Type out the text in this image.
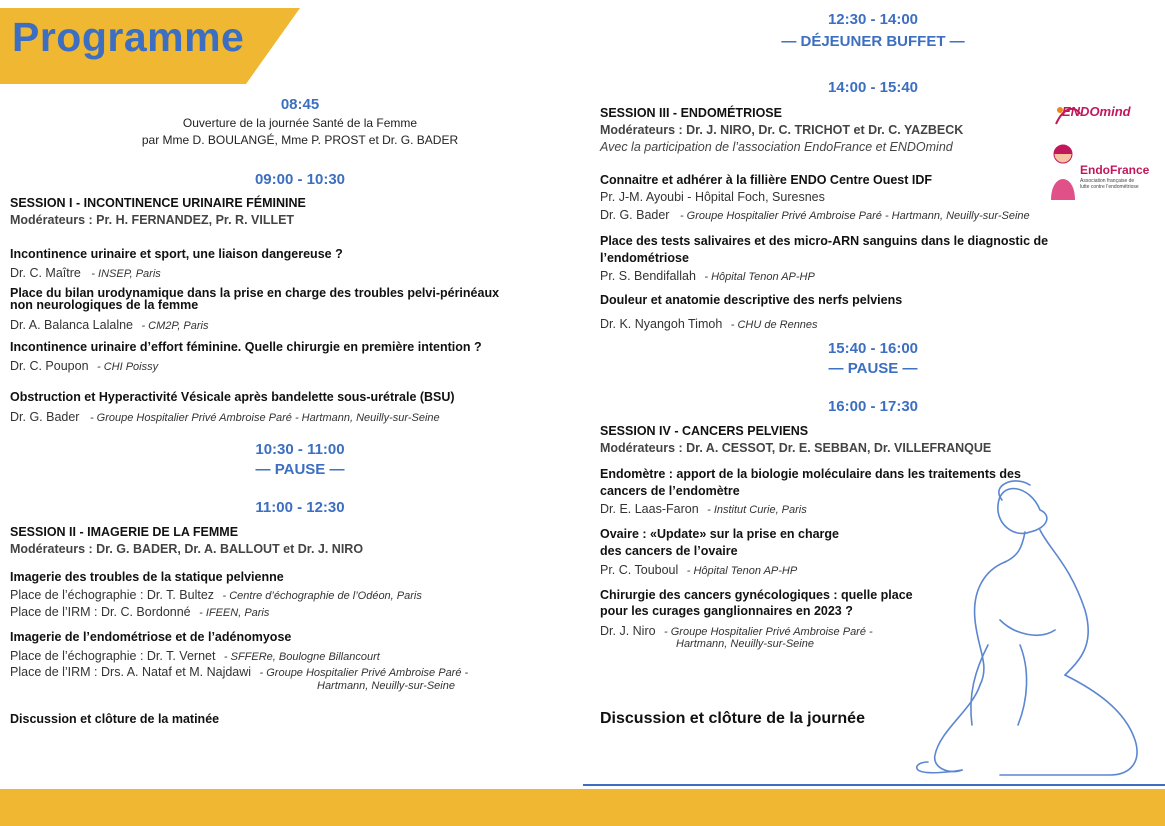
Programme
ENDOmind
EndoFrance
Association française de lutte contre l’endométriose
08:45
Ouverture de la journée Santé de la Femme
par Mme D. BOULANGÉ, Mme P. PROST et Dr. G. BADER
09:00 - 10:30
SESSION I - INCONTINENCE URINAIRE FÉMININE
Modérateurs : Pr. H. FERNANDEZ, Pr. R. VILLET
Incontinence urinaire et sport, une liaison dangereuse ?
Dr. C. Maître - INSEP, Paris
Place du bilan urodynamique dans la prise en charge des troubles pelvi-périnéaux
non neurologiques de la femme
Dr. A. Balanca Lalalne - CM2P, Paris
Incontinence urinaire d’effort féminine. Quelle chirurgie en première intention ?
Dr. C. Poupon - CHI Poissy
Obstruction et Hyperactivité Vésicale après bandelette sous-urétrale (BSU)
Dr. G. Bader - Groupe Hospitalier Privé Ambroise Paré - Hartmann, Neuilly-sur-Seine
10:30 - 11:00
— PAUSE —
11:00 - 12:30
SESSION II - IMAGERIE DE LA FEMME
Modérateurs : Dr. G. BADER, Dr. A. BALLOUT et Dr. J. NIRO
Imagerie des troubles de la statique pelvienne
Place de l’échographie : Dr. T. Bultez - Centre d’échographie de l’Odéon, Paris
Place de l’IRM : Dr. C. Bordonné - IFEEN, Paris
Imagerie de l’endométriose et de l’adénomyose
Place de l’échographie : Dr. T. Vernet - SFFERe, Boulogne Billancourt
Place de l’IRM : Drs. A. Nataf et M. Najdawi - Groupe Hospitalier Privé Ambroise Paré -
Hartmann, Neuilly-sur-Seine
Discussion et clôture de la matinée
12:30 - 14:00
— DÉJEUNER BUFFET —
14:00 - 15:40
SESSION III - ENDOMÉTRIOSE
Modérateurs : Dr. J. NIRO, Dr. C. TRICHOT et Dr. C. YAZBECK
Avec la participation de l’association EndoFrance et ENDOmind
Connaitre et adhérer à la fillière ENDO Centre Ouest IDF
Pr. J-M. Ayoubi - Hôpital Foch, Suresnes
Dr. G. Bader - Groupe Hospitalier Privé Ambroise Paré - Hartmann, Neuilly-sur-Seine
Place des tests salivaires et des micro-ARN sanguins dans le diagnostic de
l’endométriose
Pr. S. Bendifallah - Hôpital Tenon AP-HP
Douleur et anatomie descriptive des nerfs pelviens
Dr. K. Nyangoh Timoh - CHU de Rennes
15:40 - 16:00
— PAUSE —
16:00 - 17:30
SESSION IV - CANCERS PELVIENS
Modérateurs : Dr. A. CESSOT, Dr. E. SEBBAN, Dr. VILLEFRANQUE
Endomètre : apport de la biologie moléculaire dans les traitements des
cancers de l’endomètre
Dr. E. Laas-Faron - Institut Curie, Paris
Ovaire : «Update» sur la prise en charge
des cancers de l’ovaire
Pr. C. Touboul - Hôpital Tenon AP-HP
Chirurgie des cancers gynécologiques : quelle place
pour les curages ganglionnaires en 2023 ?
Dr. J. Niro - Groupe Hospitalier Privé Ambroise Paré -
Hartmann, Neuilly-sur-Seine
Discussion et clôture de la journée
